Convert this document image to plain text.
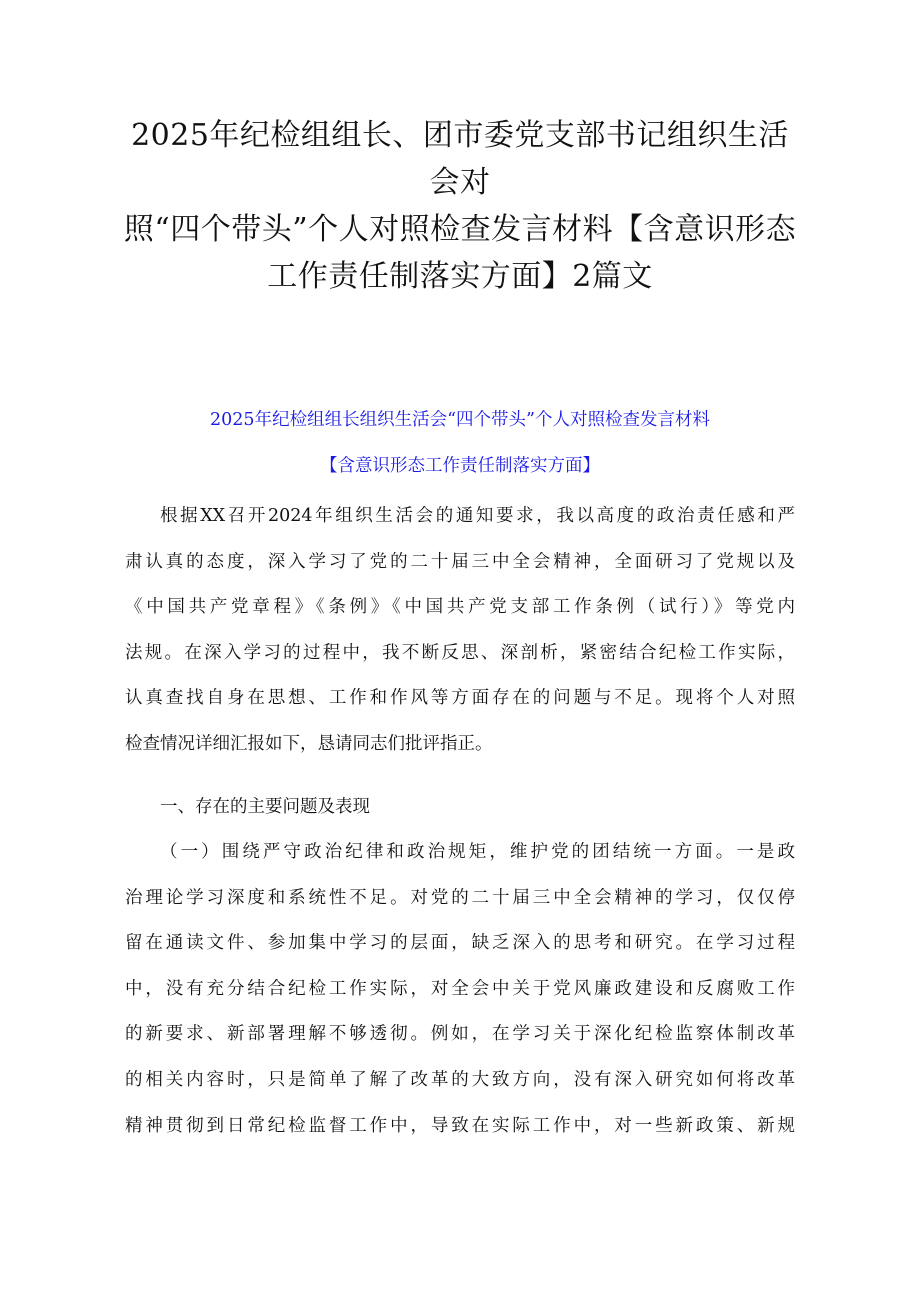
2025年纪检组组长、团市委党支部书记组织生活会对
照“四个带头”个人对照检查发言材料【含意识形态
工作责任制落实方面】2篇文

2025年纪检组组长组织生活会“四个带头”个人对照检查发言材料

【含意识形态工作责任制落实方面】

根据XX召开2024年组织生活会的通知要求，我以高度的政治责任感和严
肃认真的态度，深入学习了党的二十届三中全会精神，全面研习了党规以及
《中国共产党章程》《条例》《中国共产党支部工作条例（试行）》等党内
法规。在深入学习的过程中，我不断反思、深剖析，紧密结合纪检工作实际，
认真查找自身在思想、工作和作风等方面存在的问题与不足。现将个人对照
检查情况详细汇报如下，恳请同志们批评指正。
一、存在的主要问题及表现
（一）围绕严守政治纪律和政治规矩，维护党的团结统一方面。一是政
治理论学习深度和系统性不足。对党的二十届三中全会精神的学习，仅仅停
留在通读文件、参加集中学习的层面，缺乏深入的思考和研究。在学习过程
中，没有充分结合纪检工作实际，对全会中关于党风廉政建设和反腐败工作
的新要求、新部署理解不够透彻。例如，在学习关于深化纪检监察体制改革
的相关内容时，只是简单了解了改革的大致方向，没有深入研究如何将改革
精神贯彻到日常纪检监督工作中，导致在实际工作中，对一些新政策、新规
